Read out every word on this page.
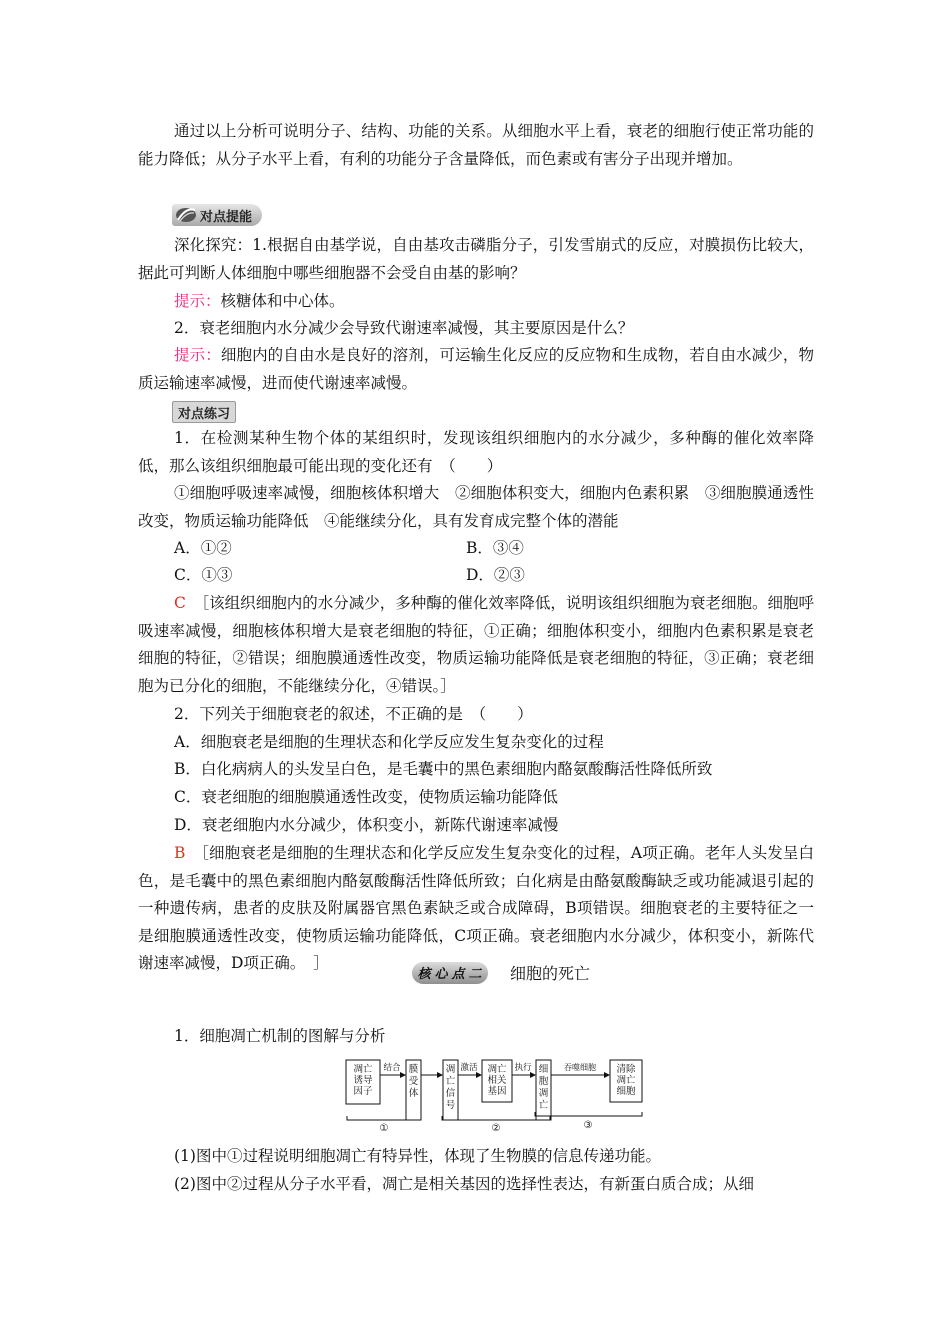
通过以上分析可说明分子、结构、功能的关系。从细胞水平上看，衰老的细胞行使正常功能的能力降低；从分子水平上看，有利的功能分子含量降低，而色素或有害分子出现并增加。

对点提能

深化探究：1.根据自由基学说，自由基攻击磷脂分子，引发雪崩式的反应，对膜损伤比较大，据此可判断人体细胞中哪些细胞器不会受自由基的影响？

提示：核糖体和中心体。

2．衰老细胞内水分减少会导致代谢速率减慢，其主要原因是什么？

提示：细胞内的自由水是良好的溶剂，可运输生化反应的反应物和生成物，若自由水减少，物质运输速率减慢，进而使代谢速率减慢。

对点练习

1．在检测某种生物个体的某组织时，发现该组织细胞内的水分减少，多种酶的催化效率降低，那么该组织细胞最可能出现的变化还有　（　　）

①细胞呼吸速率减慢，细胞核体积增大　②细胞体积变大，细胞内色素积累　③细胞膜通透性改变，物质运输功能降低　④能继续分化，具有发育成完整个体的潜能

A．①②	B．③④
C．①③	D．②③

C　 ［该组织细胞内的水分减少，多种酶的催化效率降低，说明该组织细胞为衰老细胞。细胞呼吸速率减慢，细胞核体积增大是衰老细胞的特征，①正确；细胞体积变小，细胞内色素积累是衰老细胞的特征，②错误；细胞膜通透性改变，物质运输功能降低是衰老细胞的特征，③正确；衰老细胞为已分化的细胞，不能继续分化，④错误。］

2．下列关于细胞衰老的叙述，不正确的是　（　　）

A．细胞衰老是细胞的生理状态和化学反应发生复杂变化的过程

B．白化病病人的头发呈白色，是毛囊中的黑色素细胞内酪氨酸酶活性降低所致

C．衰老细胞的细胞膜通透性改变，使物质运输功能降低

D．衰老细胞内水分减少，体积变小，新陈代谢速率减慢

B　 ［细胞衰老是细胞的生理状态和化学反应发生复杂变化的过程，A项正确。老年人头发呈白色，是毛囊中的黑色素细胞内酪氨酸酶活性降低所致；白化病是由酪氨酸酶缺乏或功能减退引起的一种遗传病，患者的皮肤及附属器官黑色素缺乏或合成障碍，B项错误。细胞衰老的主要特征之一是细胞膜通透性改变，使物质运输功能降低，C项正确。衰老细胞内水分减少，体积变小，新陈代谢速率减慢，D项正确。　］

核 心 点 二 细胞的死亡

1．细胞凋亡机制的图解与分析

凋亡诱导因子
结合 膜受体
凋亡信号
激活 凋亡相关基因
执行 细胞凋亡
吞噬细胞 清除凋亡细胞
①	②	③

(1)图中①过程说明细胞凋亡有特异性，体现了生物膜的信息传递功能。

(2)图中②过程从分子水平看，凋亡是相关基因的选择性表达，有新蛋白质合成；从细
